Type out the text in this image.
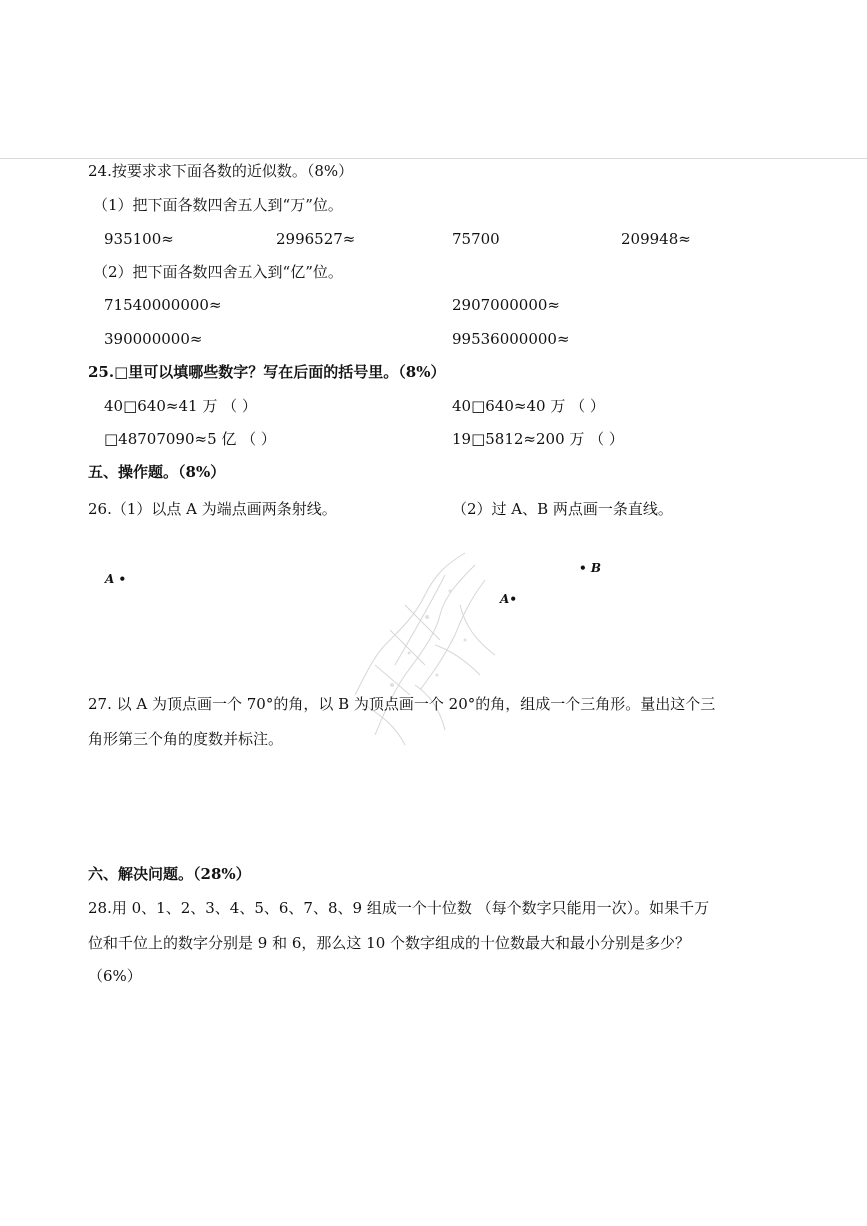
24.按要求求下面各数的近似数。（8%）
（1）把下面各数四舍五人到“万”位。
935100≈	2996527≈	75700	209948≈
（2）把下面各数四舍五入到“亿”位。
71540000000≈	2907000000≈
390000000≈	99536000000≈
25.□里可以填哪些数字？写在后面的括号里。（8%）
40□640≈41 万 （ ）	40□640≈40 万 （ ）
□48707090≈5 亿 （ ）	19□5812≈200 万 （ ）
五、操作题。（8%）
26.（1）以点 A 为端点画两条射线。	（2）过 A、B 两点画一条直线。
A •
• B
A•
27. 以 A 为顶点画一个 70°的角，以 B 为顶点画一个 20°的角，组成一个三角形。量出这个三
角形第三个角的度数并标注。
六、解决问题。（28%）
28.用 0、1、2、3、4、5、6、7、8、9 组成一个十位数 （每个数字只能用一次）。如果千万
位和千位上的数字分别是 9 和 6，那么这 10 个数字组成的十位数最大和最小分别是多少？
（6%）
